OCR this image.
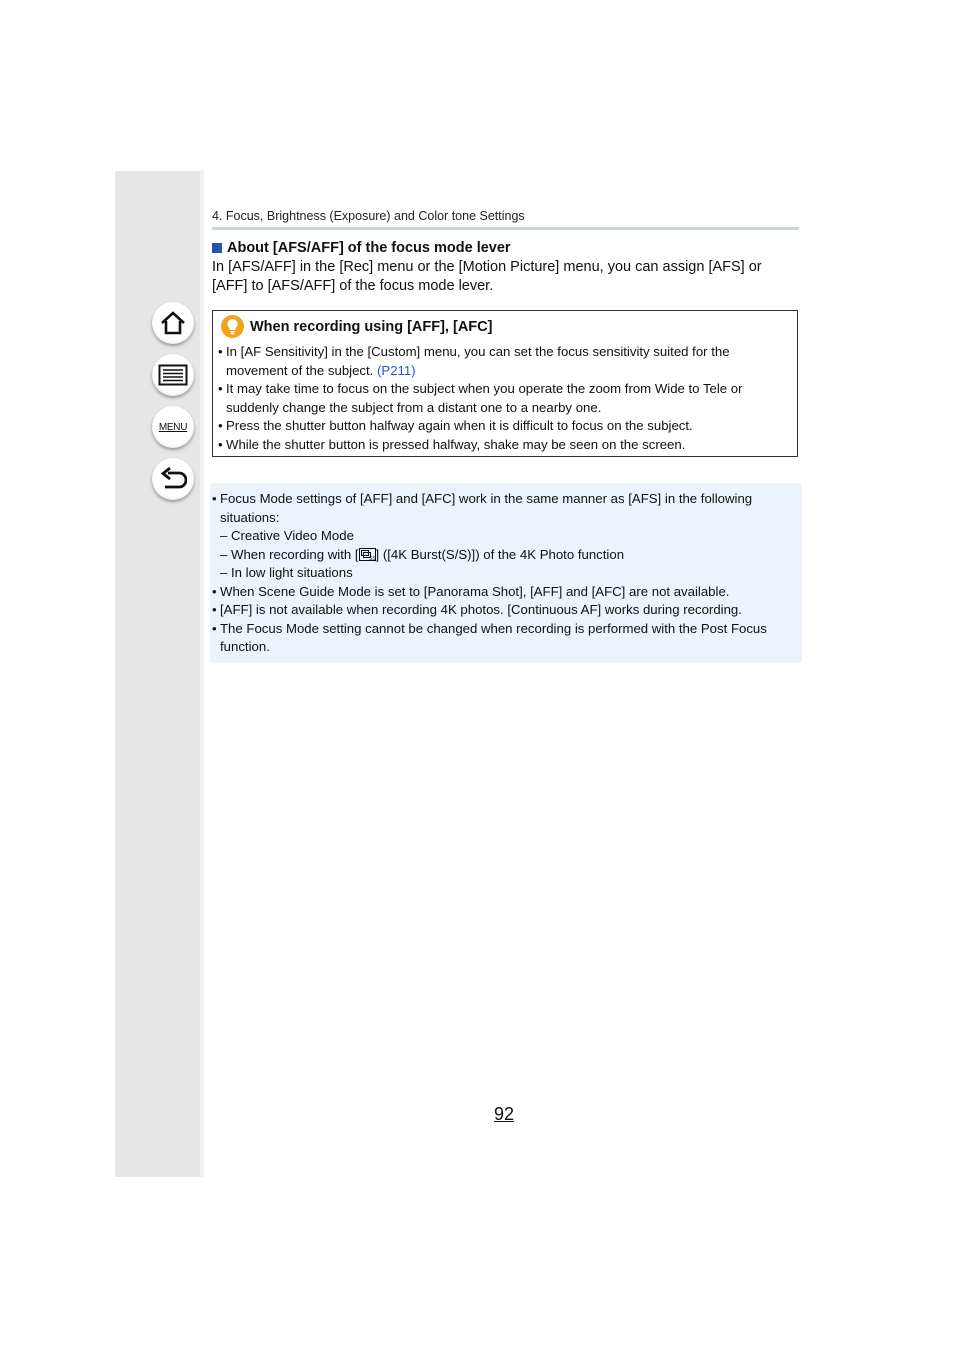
MENU
4. Focus, Brightness (Exposure) and Color tone Settings
About [AFS/AFF] of the focus mode lever
In [AFS/AFF] in the [Rec] menu or the [Motion Picture] menu, you can assign [AFS] or [AFF] to [AFS/AFF] of the focus mode lever.
When recording using [AFF], [AFC]
• In [AF Sensitivity] in the [Custom] menu, you can set the focus sensitivity suited for the movement of the subject. (P211)
• It may take time to focus on the subject when you operate the zoom from Wide to Tele or suddenly change the subject from a distant one to a nearby one.
• Press the shutter button halfway again when it is difficult to focus on the subject.
• While the shutter button is pressed halfway, shake may be seen on the screen.
• Focus Mode settings of [AFF] and [AFC] work in the same manner as [AFS] in the following situations:
– Creative Video Mode
– When recording with [ SS ] ([4K Burst(S/S)]) of the 4K Photo function
– In low light situations
• When Scene Guide Mode is set to [Panorama Shot], [AFF] and [AFC] are not available.
• [AFF] is not available when recording 4K photos. [Continuous AF] works during recording.
• The Focus Mode setting cannot be changed when recording is performed with the Post Focus function.
92
